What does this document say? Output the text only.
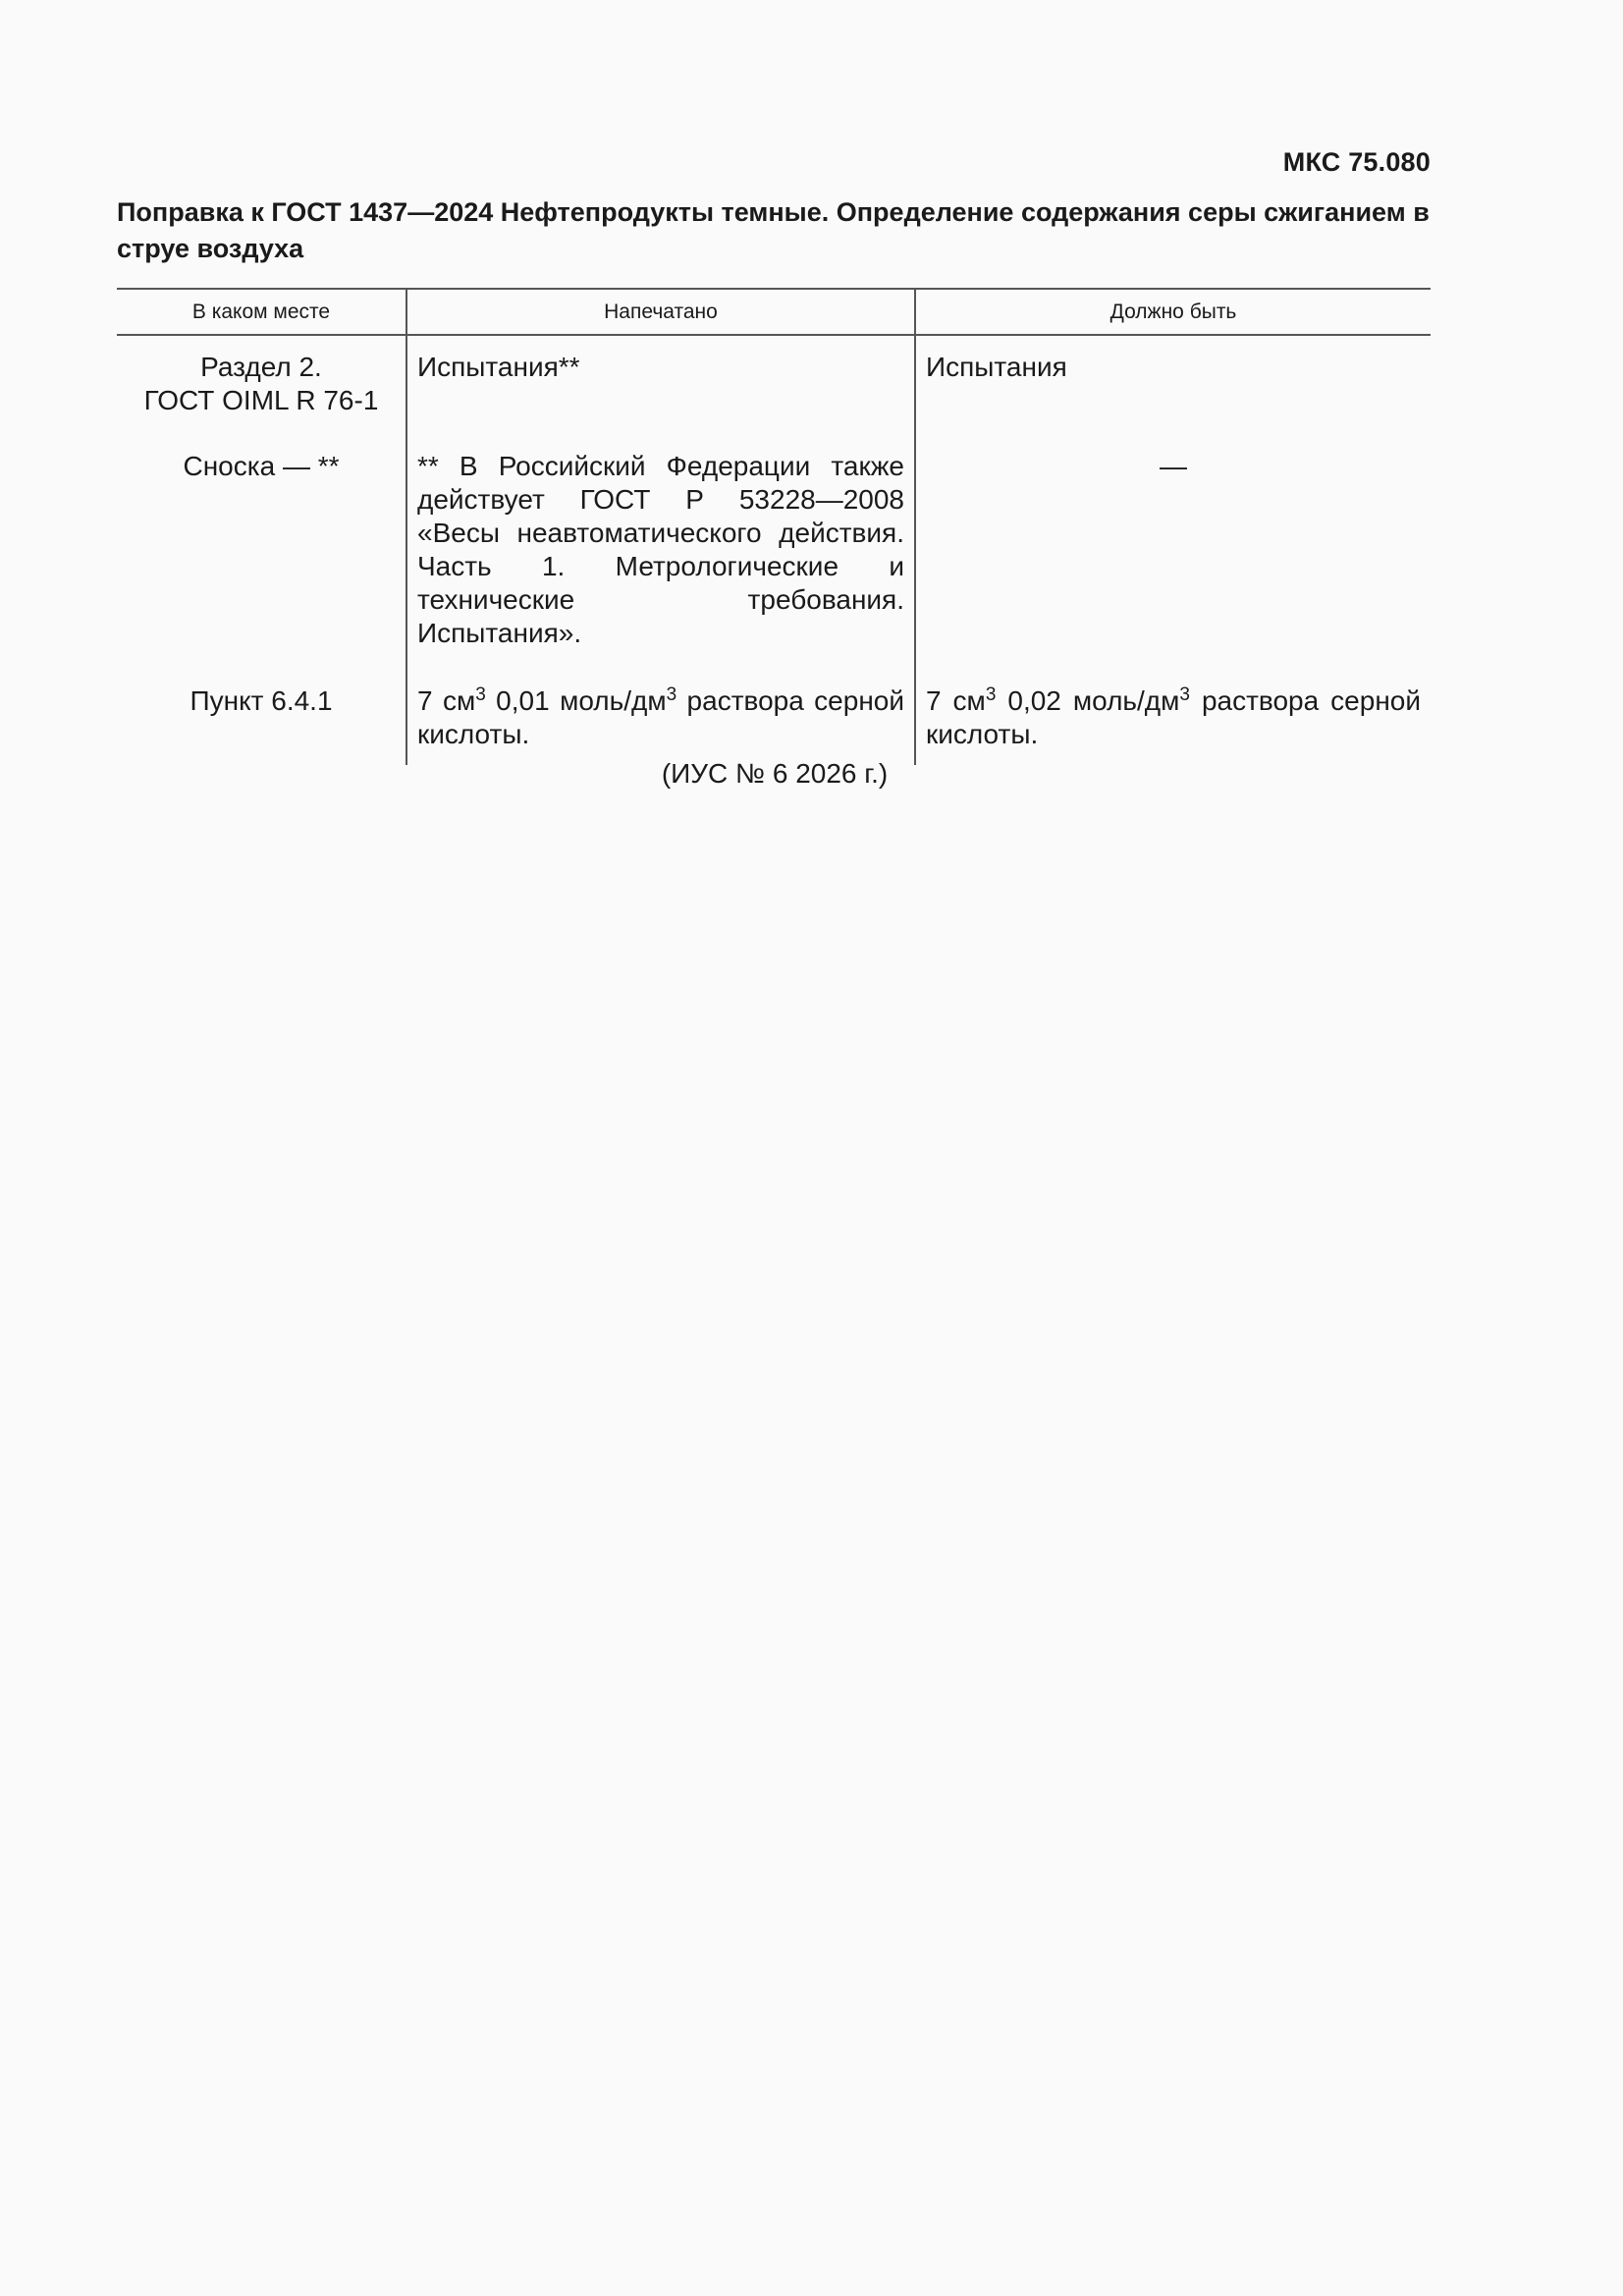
МКС 75.080
Поправка к ГОСТ 1437—2024 Нефтепродукты темные. Определение содержания серы сжиганием в струе воздуха
В каком месте	Напечатано	Должно быть

Раздел 2.
ГОСТ OIML R 76-1	Испытания**	Испытания
Сноска — **	** В Российский Федерации также действует ГОСТ Р 53228—2008 «Весы неавтоматического действия. Часть 1. Метрологические и технические требования. Испытания».	—
Пункт 6.4.1	7 $см^3$ 0,01 моль/$дм^3$ раствора серной кислоты.	7 $см^3$ 0,02 моль/$дм^3$ раствора серной кислоты.
(ИУС № 6 2026 г.)
